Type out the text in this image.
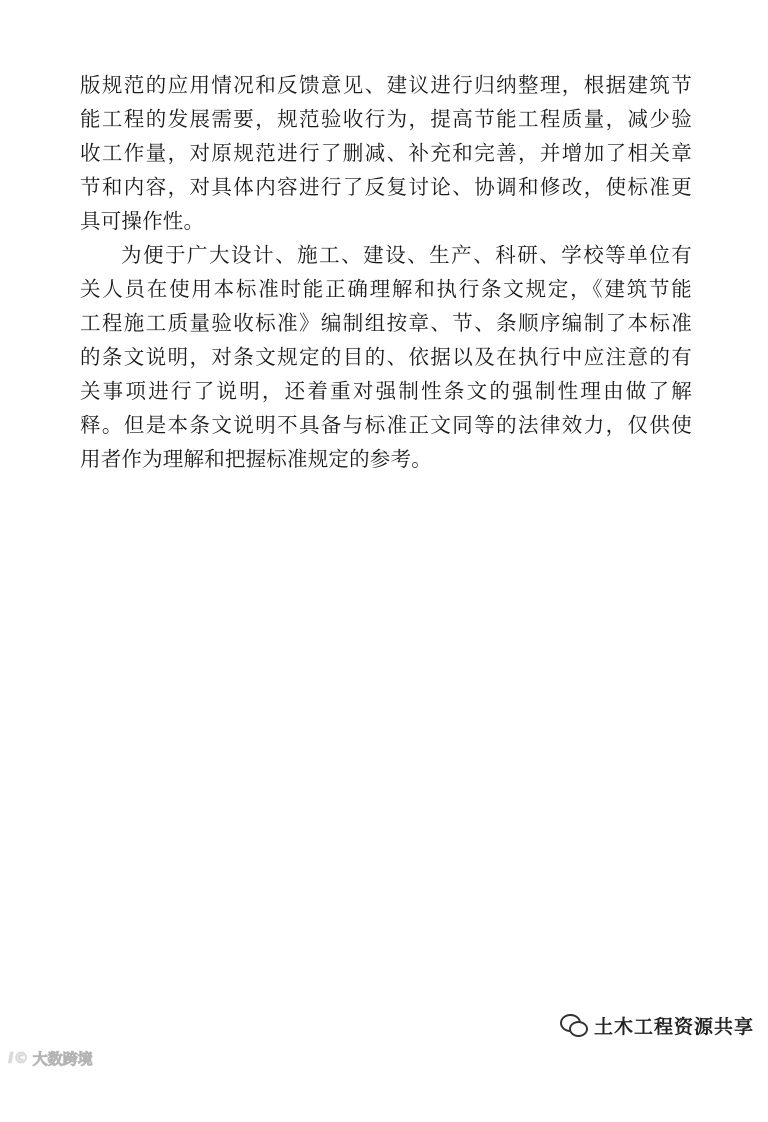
版规范的应用情况和反馈意见、建议进行归纳整理，根据建筑节
能工程的发展需要，规范验收行为，提高节能工程质量，减少验
收工作量，对原规范进行了删减、补充和完善，并增加了相关章
节和内容，对具体内容进行了反复讨论、协调和修改，使标准更
具可操作性。
为便于广大设计、施工、建设、生产、科研、学校等单位有
关人员在使用本标准时能正确理解和执行条文规定，《建筑节能
工程施工质量验收标准》编制组按章、节、条顺序编制了本标准
的条文说明，对条文规定的目的、依据以及在执行中应注意的有
关事项进行了说明，还着重对强制性条文的强制性理由做了解
释。但是本条文说明不具备与标准正文同等的法律效力，仅供使
用者作为理解和把握标准规定的参考。
土木工程资源共享
Ⅰ© 大数跨境
